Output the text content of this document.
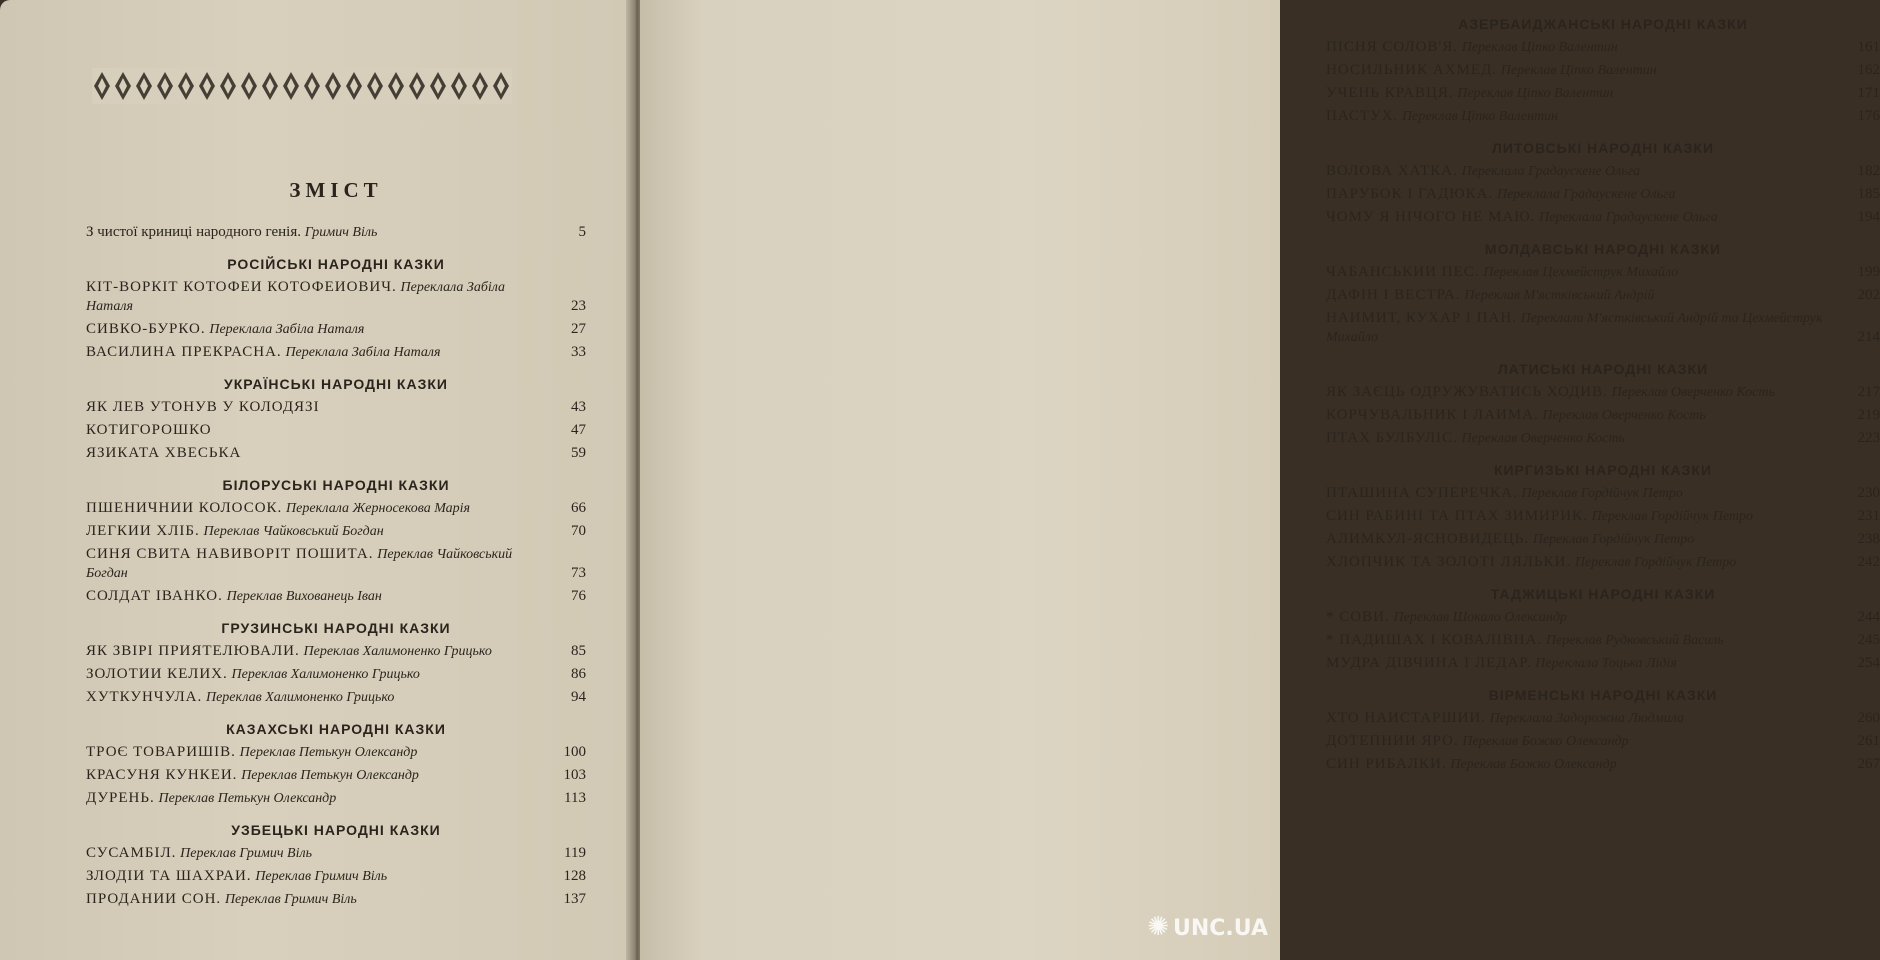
ЗМІСТ
З чистої криниці народного генія. Гримич Віль	5
РОСІЙСЬКІ НАРОДНІ КАЗКИ
КІТ-ВОРКІТ КОТОФЕИ КОТОФЕИОВИЧ. Переклала Забіла Наталя	23
СИВКО-БУРКО. Переклала Забіла Наталя	27
ВАСИЛИНА ПРЕКРАСНА. Переклала Забіла Наталя	33
УКРАЇНСЬКІ НАРОДНІ КАЗКИ
ЯК ЛЕВ УТОНУВ У КОЛОДЯЗІ	43
КОТИГОРОШКО	47
ЯЗИКАТА ХВЕСЬКА	59
БІЛОРУСЬКІ НАРОДНІ КАЗКИ
ПШЕНИЧНИИ КОЛОСОК. Переклала Жерносекова Марія	66
ЛЕГКИИ ХЛІБ. Переклав Чайковський Богдан	70
СИНЯ СВИТА НАВИВОРІТ ПОШИТА. Переклав Чайковський Богдан	73
СОЛДАТ ІВАНКО. Переклав Вихованець Іван	76
ГРУЗИНСЬКІ НАРОДНІ КАЗКИ
ЯК ЗВІРІ ПРИЯТЕЛЮВАЛИ. Переклав Халимоненко Грицько	85
ЗОЛОТИИ КЕЛИХ. Переклав Халимоненко Грицько	86
ХУТКУНЧУЛА. Переклав Халимоненко Грицько	94
КАЗАХСЬКІ НАРОДНІ КАЗКИ
ТРОЄ ТОВАРИШІВ. Переклав Петькун Олександр	100
КРАСУНЯ КУНКЕИ. Переклав Петькун Олександр	103
ДУРЕНЬ. Переклав Петькун Олександр	113
УЗБЕЦЬКІ НАРОДНІ КАЗКИ
СУСАМБІЛ. Переклав Гримич Віль	119
ЗЛОДІИ ТА ШАХРАИ. Переклав Гримич Віль	128
ПРОДАНИИ СОН. Переклав Гримич Віль	137
АЗЕРБАИДЖАНСЬКІ НАРОДНІ КАЗКИ
ПІСНЯ СОЛОВ'Я. Переклав Ціпко Валентин	161
НОСИЛЬНИК АХМЕД. Переклав Ціпко Валентин	162
УЧЕНЬ КРАВЦЯ. Переклав Ціпко Валентин	171
ПАСТУХ. Переклав Ціпко Валентин	176
ЛИТОВСЬКІ НАРОДНІ КАЗКИ
ВОЛОВА ХАТКА. Переклала Градаускене Ольга	182
ПАРУБОК І ГАДЮКА. Переклала Градаускене Ольга	185
ЧОМУ Я НІЧОГО НЕ МАЮ. Переклала Градаускене Ольга	194
МОЛДАВСЬКІ НАРОДНІ КАЗКИ
ЧАБАНСЬКИИ ПЕС. Переклав Цехмейструк Михайло	199
ДАФІН І ВЕСТРА. Переклав М'ястківський Андрій	202
НАИМИТ, КУХАР І ПАН. Переклали М'ястківський Андрій та Цехмейструк Михайло	214
ЛАТИСЬКІ НАРОДНІ КАЗКИ
ЯК ЗАЄЦЬ ОДРУЖУВАТИСЬ ХОДИВ. Переклав Оверченко Кость	217
КОРЧУВАЛЬНИК І ЛАИМА. Переклав Оверченко Кость	219
ПТАХ БУЛБУЛІС. Переклав Оверченко Кость	223
КИРГИЗЬКІ НАРОДНІ КАЗКИ
ПТАШИНА СУПЕРЕЧКА. Переклав Гордійчук Петро	230
СИН РАБИНІ ТА ПТАХ ЗИМИРИК. Переклав Гордійчук Петро	231
АЛИМКУЛ-ЯСНОВИДЕЦЬ. Переклав Гордійчук Петро	238
ХЛОПЧИК ТА ЗОЛОТІ ЛЯЛЬКИ. Переклав Гордійчук Петро	242
ТАДЖИЦЬКІ НАРОДНІ КАЗКИ
* СОВИ. Переклав Шокало Олександр	244
* ПАДИШАХ І КОВАЛІВНА. Переклав Рудковський Василь	245
МУДРА ДІВЧИНА І ЛЕДАР. Переклала Тоцька Лідія	254
ВІРМЕНСЬКІ НАРОДНІ КАЗКИ
ХТО НАИСТАРШИИ. Переклала Задорожна Людмила	260
ДОТЕПНИИ ЯРО. Переклав Божко Олександр	261
СИН РИБАЛКИ. Переклав Божко Олександр	267
✺ UNC.UA
